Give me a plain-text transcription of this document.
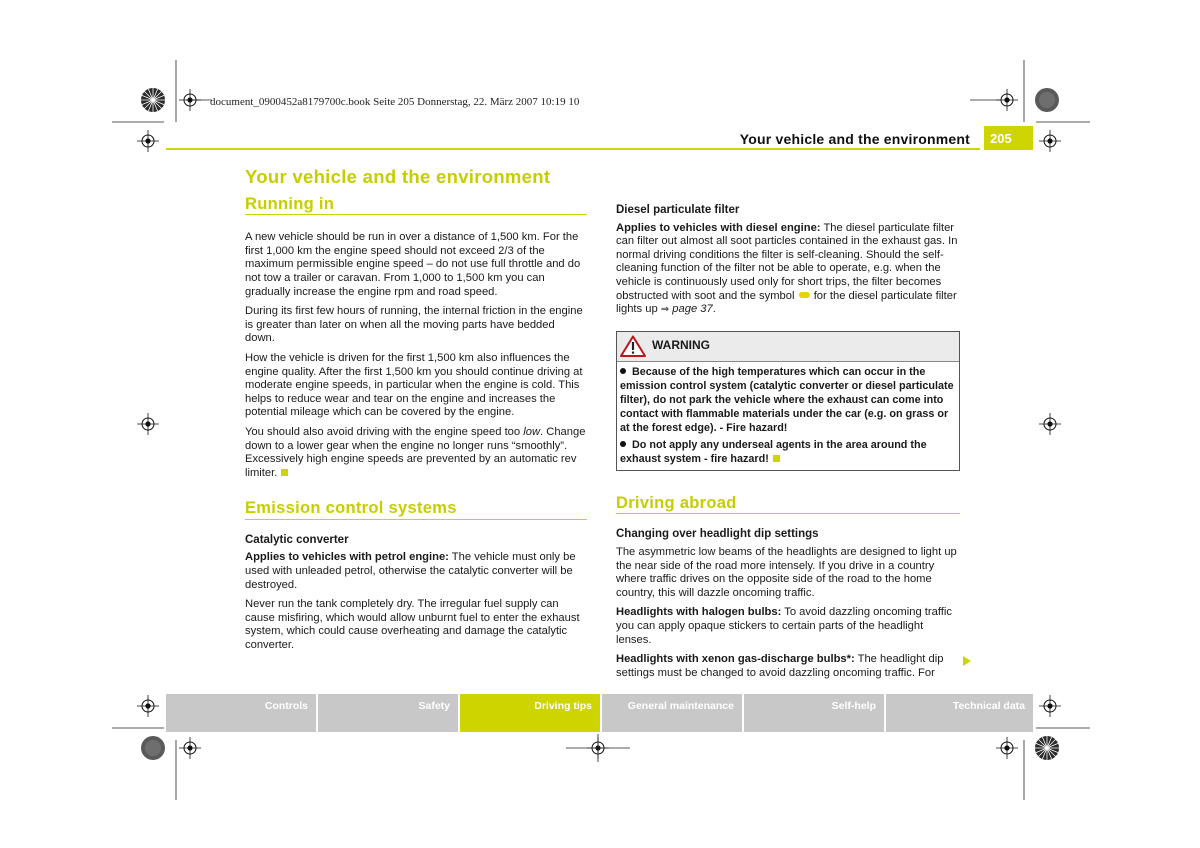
document_0900452a8179700c.book Seite 205 Donnerstag, 22. März 2007 10:19 10
Your vehicle and the environment	205
Your vehicle and the environment
Running in

A new vehicle should be run in over a distance of 1,500 km. For the first 1,000 km the engine speed should not exceed 2/3 of the maximum permissible engine speed – do not use full throttle and do not tow a trailer or caravan. From 1,000 to 1,500 km you can gradually increase the engine rpm and road speed.

During its first few hours of running, the internal friction in the engine is greater than later on when all the moving parts have bedded down.

How the vehicle is driven for the first 1,500 km also influences the engine quality. After the first 1,500 km you should continue driving at moderate engine speeds, in particular when the engine is cold. This helps to reduce wear and tear on the engine and increases the potential mileage which can be covered by the engine.

You should also avoid driving with the engine speed too low. Change down to a lower gear when the engine no longer runs “smoothly”. Excessively high engine speeds are prevented by an automatic rev limiter.

Emission control systems
Catalytic converter

Applies to vehicles with petrol engine: The vehicle must only be used with unleaded petrol, otherwise the catalytic converter will be destroyed.

Never run the tank completely dry. The irregular fuel supply can cause misfiring, which would allow unburnt fuel to enter the exhaust system, which could cause overheating and damage the catalytic converter.

Diesel particulate filter

Applies to vehicles with diesel engine: The diesel particulate filter can filter out almost all soot particles contained in the exhaust gas. In normal driving conditions the filter is self-cleaning. Should the self-cleaning function of the filter not be able to operate, e.g. when the vehicle is continuously used only for short trips, the filter becomes obstructed with soot and the symbol  for the diesel particulate filter lights up ⇒ page 37.

WARNING
Because of the high temperatures which can occur in the emission control system (catalytic converter or diesel particulate filter), do not park the vehicle where the exhaust can come into contact with flammable materials under the car (e.g. on grass or at the forest edge). - Fire hazard!
Do not apply any underseal agents in the area around the exhaust system - fire hazard!
Driving abroad
Changing over headlight dip settings

The asymmetric low beams of the headlights are designed to light up the near side of the road more intensely. If you drive in a country where traffic drives on the opposite side of the road to the home country, this will dazzle oncoming traffic.

Headlights with halogen bulbs: To avoid dazzling oncoming traffic you can apply opaque stickers to certain parts of the headlight lenses.

Headlights with xenon gas-discharge bulbs*: The headlight dip settings must be changed to avoid dazzling oncoming traffic. For

Controls	Safety	Driving tips	General maintenance	Self-help	Technical data
